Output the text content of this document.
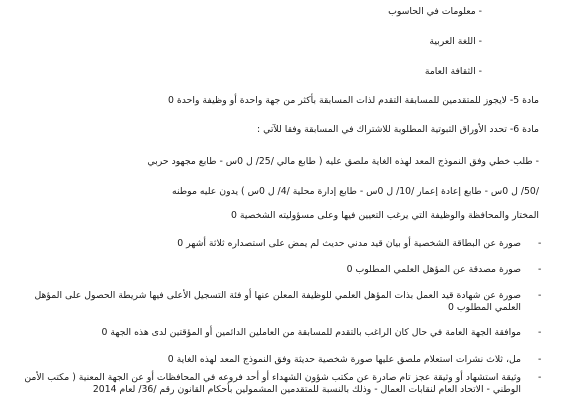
- معلومات في الحاسوب
- اللغة العربية
- الثقافة العامة
مادة 5- لايجوز للمتقدمين للمسابقة التقدم لذات المسابقة بأكثر من جهة واحدة أو وظيفة واحدة 0
مادة 6- تحدد الأوراق الثبوتية المطلوبة للاشتراك في المسابقة وفقا للآتي :
- طلب خطي وفق النموذج المعد لهذه الغاية ملصق عليه ( طابع مالي /25/ ل 0س - طابع مجهود حربي
/50/ ل 0س - طابع إعادة إعمار /10/ ل 0س - طابع إدارة محلية /4/ ل 0س ) يدون عليه موطنه
المختار والمحافظة والوظيفة التي يرغب التعيين فيها وعلى مسؤوليته الشخصية 0
-
صورة عن البطاقة الشخصية أو بيان قيد مدني حديث لم يمض على استصداره ثلاثة أشهر 0
-
صورة مصدقة عن المؤهل العلمي المطلوب 0
-
صورة عن شهادة قيد العمل بذات المؤهل العلمي للوظيفة المعلن عنها أو فئة التسجيل الأعلى فيها شريطة الحصول على المؤهل العلمي المطلوب 0
-
موافقة الجهة العامة في حال كان الراغب بالتقدم للمسابقة من العاملين الدائمين أو المؤقتين لدى هذه الجهة 0
-
مل، ثلاث نشرات استعلام ملصق عليها صورة شخصية حديثة وفق النموذج المعد لهذه الغاية 0
-
وثيقة استشهاد أو وثيقة عجز تام صادرة عن مكتب شؤون الشهداء أو أحد فروعه في المحافظات أو عن الجهة المعنية ( مكتب الأمن الوطني - الاتحاد العام لنقابات العمال - وذلك بالنسبة للمتقدمين المشمولين بأحكام القانون رقم /36/ لعام 2014
